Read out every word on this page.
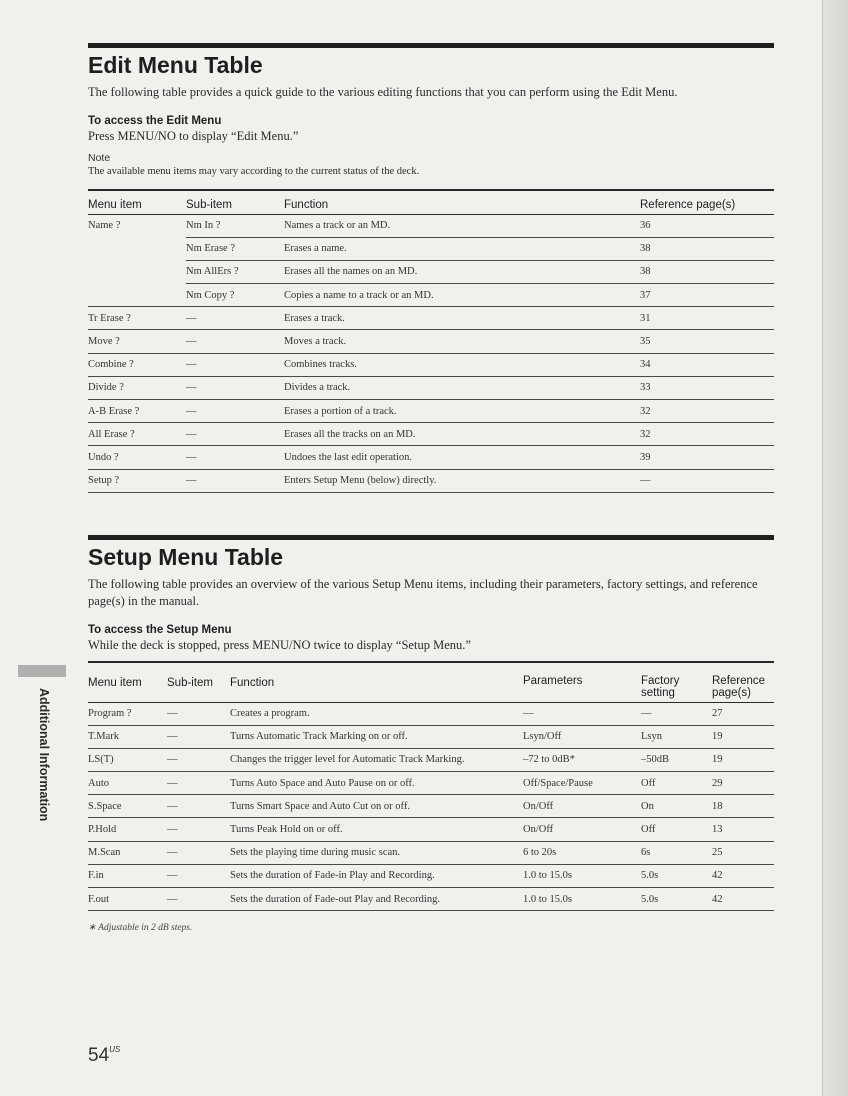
Edit Menu Table
The following table provides a quick guide to the various editing functions that you can perform using the Edit Menu.
To access the Edit Menu
Press MENU/NO to display “Edit Menu.”
Note
The available menu items may vary according to the current status of the deck.
Menu item	Sub-item	Function	Reference page(s)
Name ?	Nm In ?	Names a track or an MD.	36
	Nm Erase ?	Erases a name.	38
	Nm AllErs ?	Erases all the names on an MD.	38
	Nm Copy ?	Copies a name to a track or an MD.	37
Tr Erase ?	—	Erases a track.	31
Move ?	—	Moves a track.	35
Combine ?	—	Combines tracks.	34
Divide ?	—	Divides a track.	33
A-B Erase ?	—	Erases a portion of a track.	32
All Erase ?	—	Erases all the tracks on an MD.	32
Undo ?	—	Undoes the last edit operation.	39
Setup ?	—	Enters Setup Menu (below) directly.	—
Setup Menu Table
The following table provides an overview of the various Setup Menu items, including their parameters, factory settings, and reference page(s) in the manual.
To access the Setup Menu
While the deck is stopped, press MENU/NO twice to display “Setup Menu.”
Menu item	Sub-item	Function	Parameters	Factory setting	Reference page(s)
Program ?	—	Creates a program.	—	—	27
T.Mark	—	Turns Automatic Track Marking on or off.	Lsyn/Off	Lsyn	19
LS(T)	—	Changes the trigger level for Automatic Track Marking.	–72 to 0dB*	–50dB	19
Auto	—	Turns Auto Space and Auto Pause on or off.	Off/Space/Pause	Off	29
S.Space	—	Turns Smart Space and Auto Cut on or off.	On/Off	On	18
P.Hold	—	Turns Peak Hold on or off.	On/Off	Off	13
M.Scan	—	Sets the playing time during music scan.	6 to 20s	6s	25
F.in	—	Sets the duration of Fade-in Play and Recording.	1.0 to 15.0s	5.0s	42
F.out	—	Sets the duration of Fade-out Play and Recording.	1.0 to 15.0s	5.0s	42
∗ Adjustable in 2 dB steps.
Additional Information
$54^{US}$
